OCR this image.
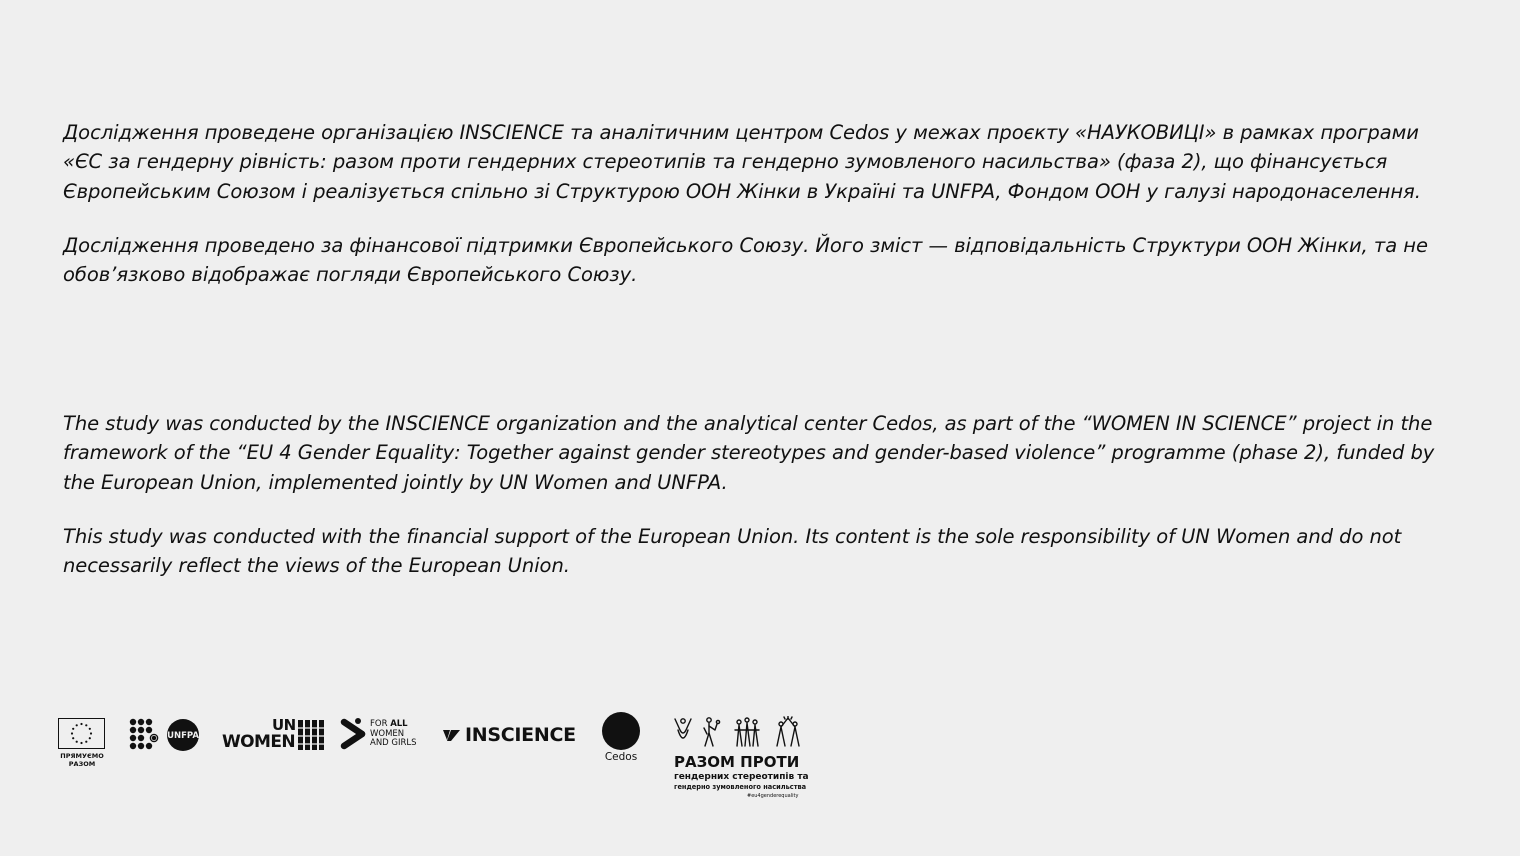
Дослідження проведене організацією INSCIENCE та аналітичним центром Cedos у межах проєкту «НАУКОВИЦІ» в рамках програми «ЄС за гендерну рівність: разом проти гендерних стереотипів та гендерно зумовленого насильства» (фаза 2), що фінансується Європейським Союзом і реалізується спільно зі Структурою ООН Жінки в Україні та UNFPA, Фондом ООН у галузі народонаселення.

Дослідження проведено за фінансової підтримки Європейського Союзу. Його зміст — відповідальність Структури ООН Жінки, та не обов’язково відображає погляди Європейського Союзу.

The study was conducted by the INSCIENCE organization and the analytical center Cedos, as part of the “WOMEN IN SCIENCE” project in the framework of the “EU 4 Gender Equality: Together against gender stereotypes and gender-based violence” programme (phase 2), funded by the European Union, implemented jointly by UN Women and UNFPA.

This study was conducted with the financial support of the European Union. Its content is the sole responsibility of UN Women and do not necessarily reflect the views of the European Union.

ПРЯМУЄМО
РАЗОМ
UNFPA
UN
WOMEN
FOR ALL
WOMEN
AND GIRLS	INSCIENCE
Cedos РАЗОМ ПРОТИ
гендерних стереотипів та
гендерно зумовленого насильства
#eu4genderequality
